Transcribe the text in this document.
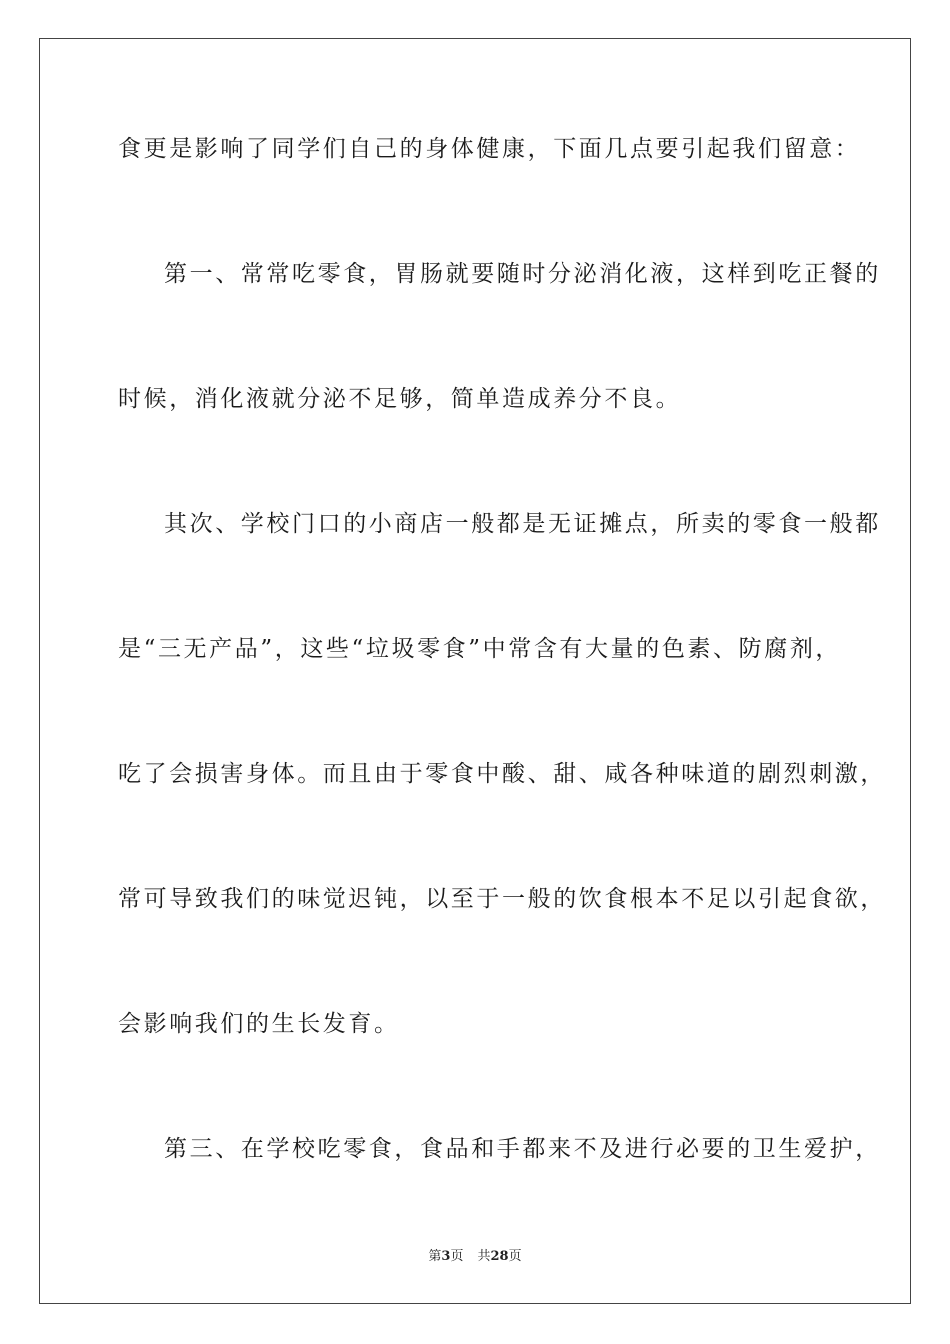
食更是影响了同学们自己的身体健康，下面几点要引起我们留意：

第一、常常吃零食，胃肠就要随时分泌消化液，这样到吃正餐的

时候，消化液就分泌不足够，简单造成养分不良。

其次、学校门口的小商店一般都是无证摊点，所卖的零食一般都

是“三无产品”，这些“垃圾零食”中常含有大量的色素、防腐剂，

吃了会损害身体。而且由于零食中酸、甜、咸各种味道的剧烈刺激，

常可导致我们的味觉迟钝，以至于一般的饮食根本不足以引起食欲，

会影响我们的生长发育。

第三、在学校吃零食，食品和手都来不及进行必要的卫生爱护，

第3页 共28页
